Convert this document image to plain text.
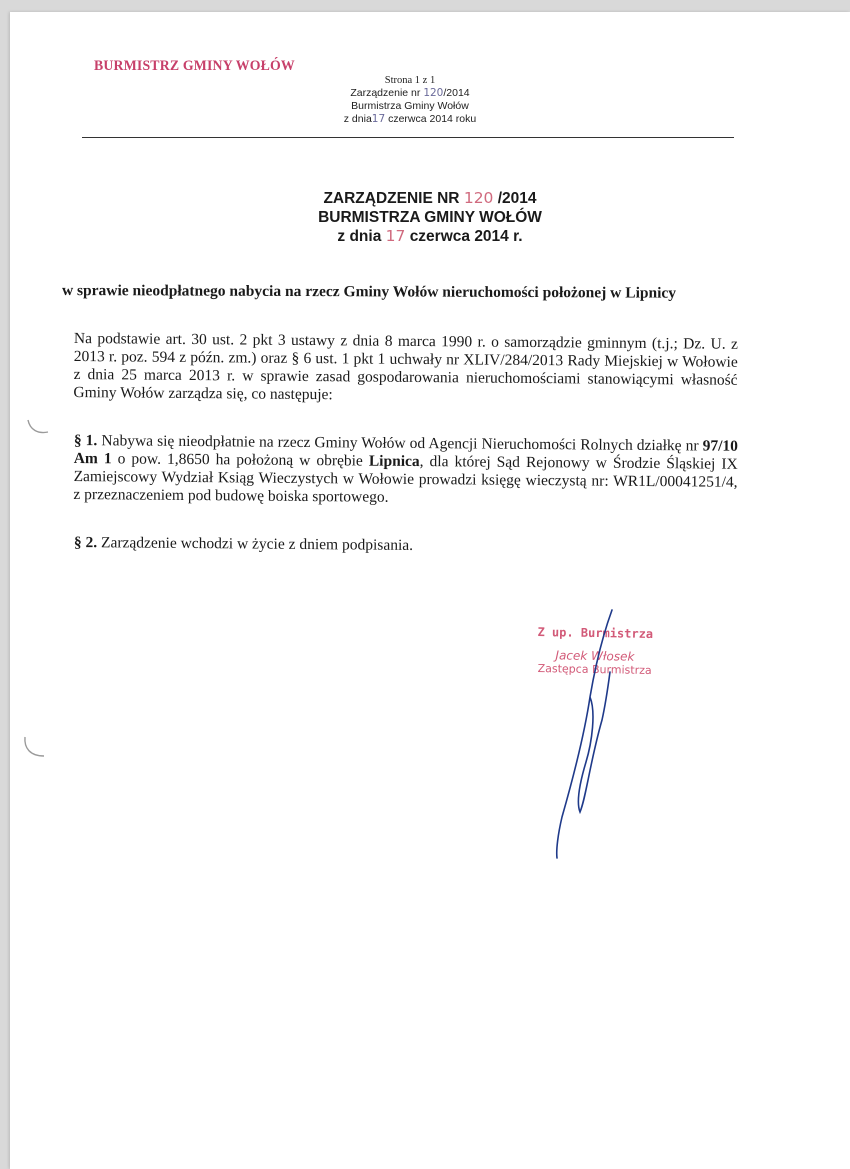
BURMISTRZ GMINY WOŁÓW
Strona 1 z 1
Zarządzenie nr 120/2014
Burmistrza Gminy Wołów
z dnia17 czerwca 2014 roku
ZARZĄDZENIE NR 120 /2014
BURMISTRZA GMINY WOŁÓW
z dnia 17 czerwca 2014 r.
w sprawie nieodpłatnego nabycia na rzecz Gminy Wołów nieruchomości położonej w Lipnicy
Na podstawie art. 30 ust. 2 pkt 3 ustawy z dnia 8 marca 1990 r. o samorządzie gminnym (t.j.; Dz. U. z 2013 r. poz. 594 z późn. zm.) oraz § 6 ust. 1 pkt 1 uchwały nr XLIV/284/2013 Rady Miejskiej w Wołowie z dnia 25 marca 2013 r. w sprawie zasad gospodarowania nieruchomościami stanowiącymi własność Gminy Wołów zarządza się, co następuje:
§ 1. Nabywa się nieodpłatnie na rzecz Gminy Wołów od Agencji Nieruchomości Rolnych działkę nr 97/10 Am 1 o pow. 1,8650 ha położoną w obrębie Lipnica, dla której Sąd Rejonowy w Środzie Śląskiej IX Zamiejscowy Wydział Ksiąg Wieczystych w Wołowie prowadzi księgę wieczystą nr: WR1L/00041251/4, z przeznaczeniem pod budowę boiska sportowego.
§ 2. Zarządzenie wchodzi w życie z dniem podpisania.
Z up. Burmistrza
Jacek Włosek
Zastępca Burmistrza
